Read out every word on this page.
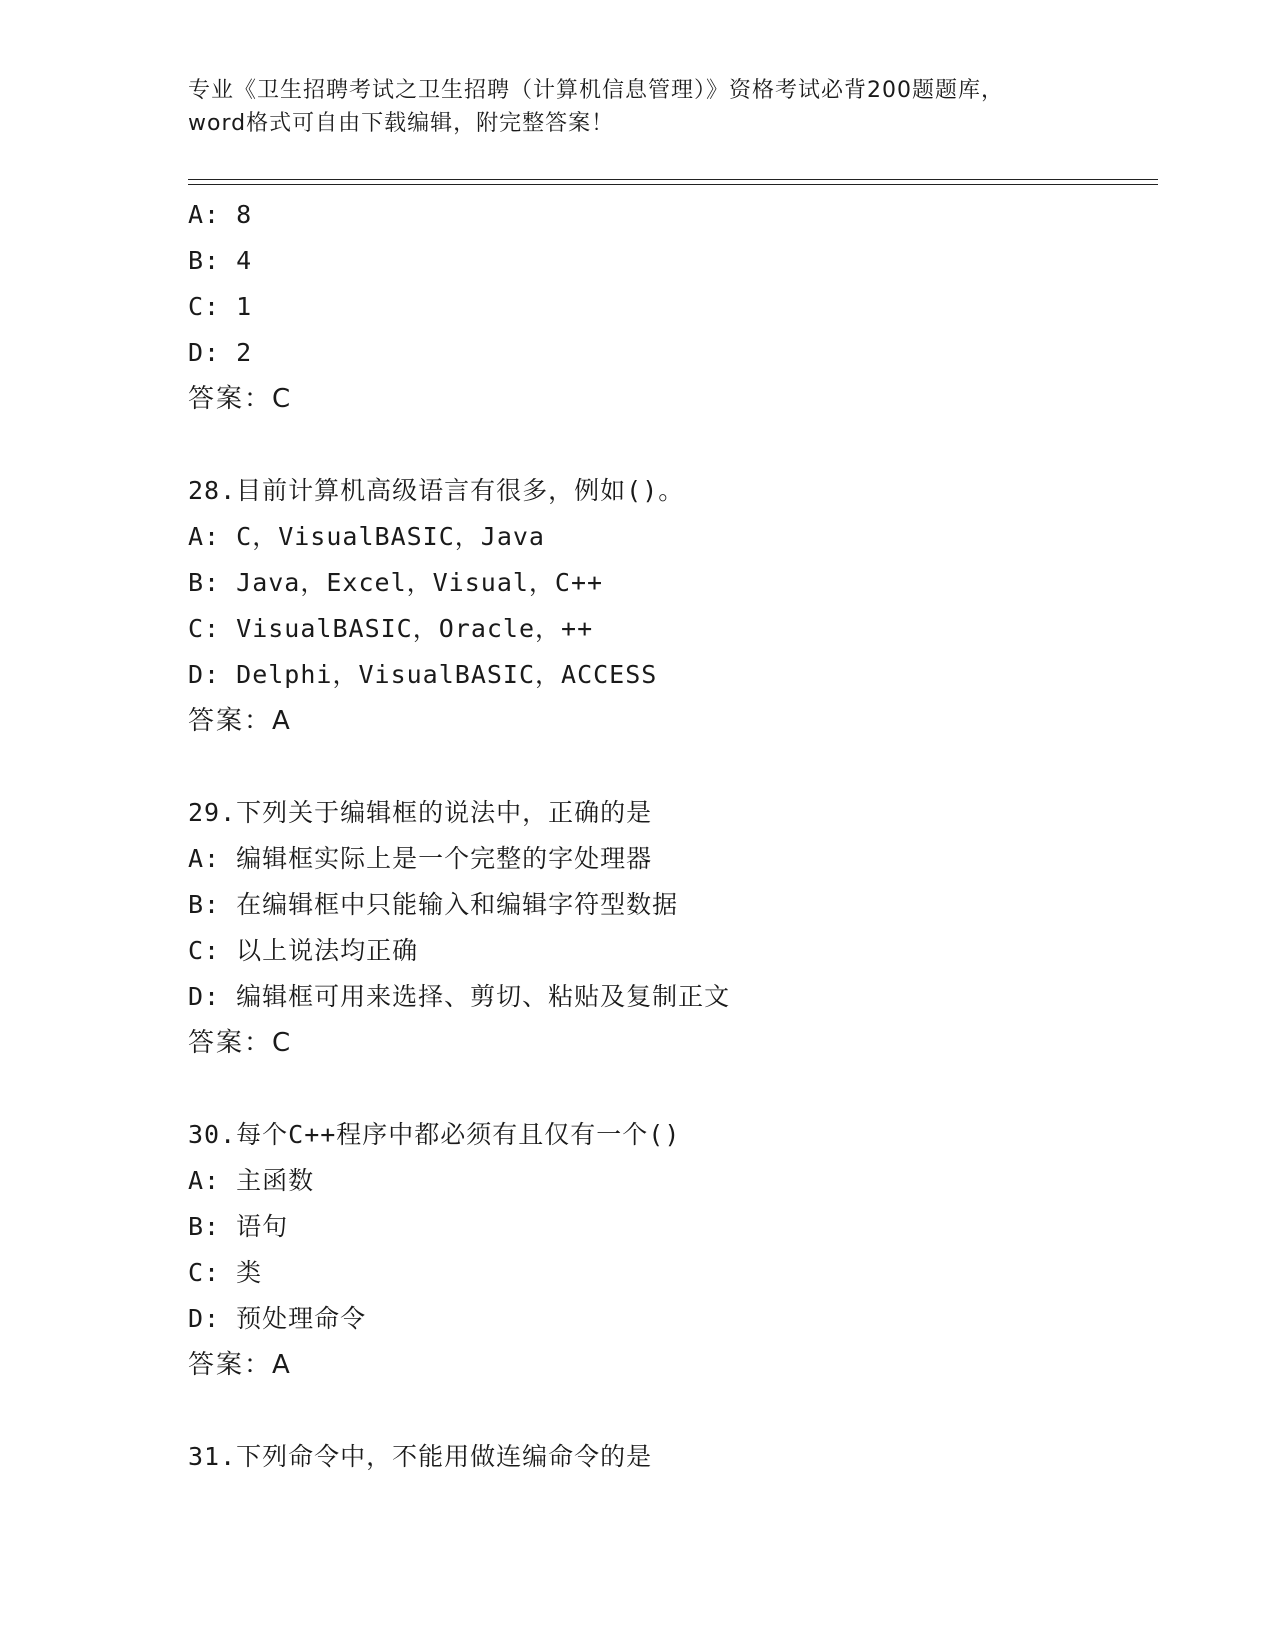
专业《卫生招聘考试之卫生招聘（计算机信息管理）》资格考试必背200题题库，
word格式可自由下载编辑，附完整答案！
A: 8
B: 4
C: 1
D: 2
答案：C
28.目前计算机高级语言有很多，例如()。
A: C，VisualBASIC，Java
B: Java，Excel，Visual，C++
C: VisualBASIC，Oracle，++
D: Delphi，VisualBASIC，ACCESS
答案：A
29.下列关于编辑框的说法中，正确的是
A: 编辑框实际上是一个完整的字处理器
B: 在编辑框中只能输入和编辑字符型数据
C: 以上说法均正确
D: 编辑框可用来选择、剪切、粘贴及复制正文
答案：C
30.每个C++程序中都必须有且仅有一个()
A: 主函数
B: 语句
C: 类
D: 预处理命令
答案：A
31.下列命令中，不能用做连编命令的是
